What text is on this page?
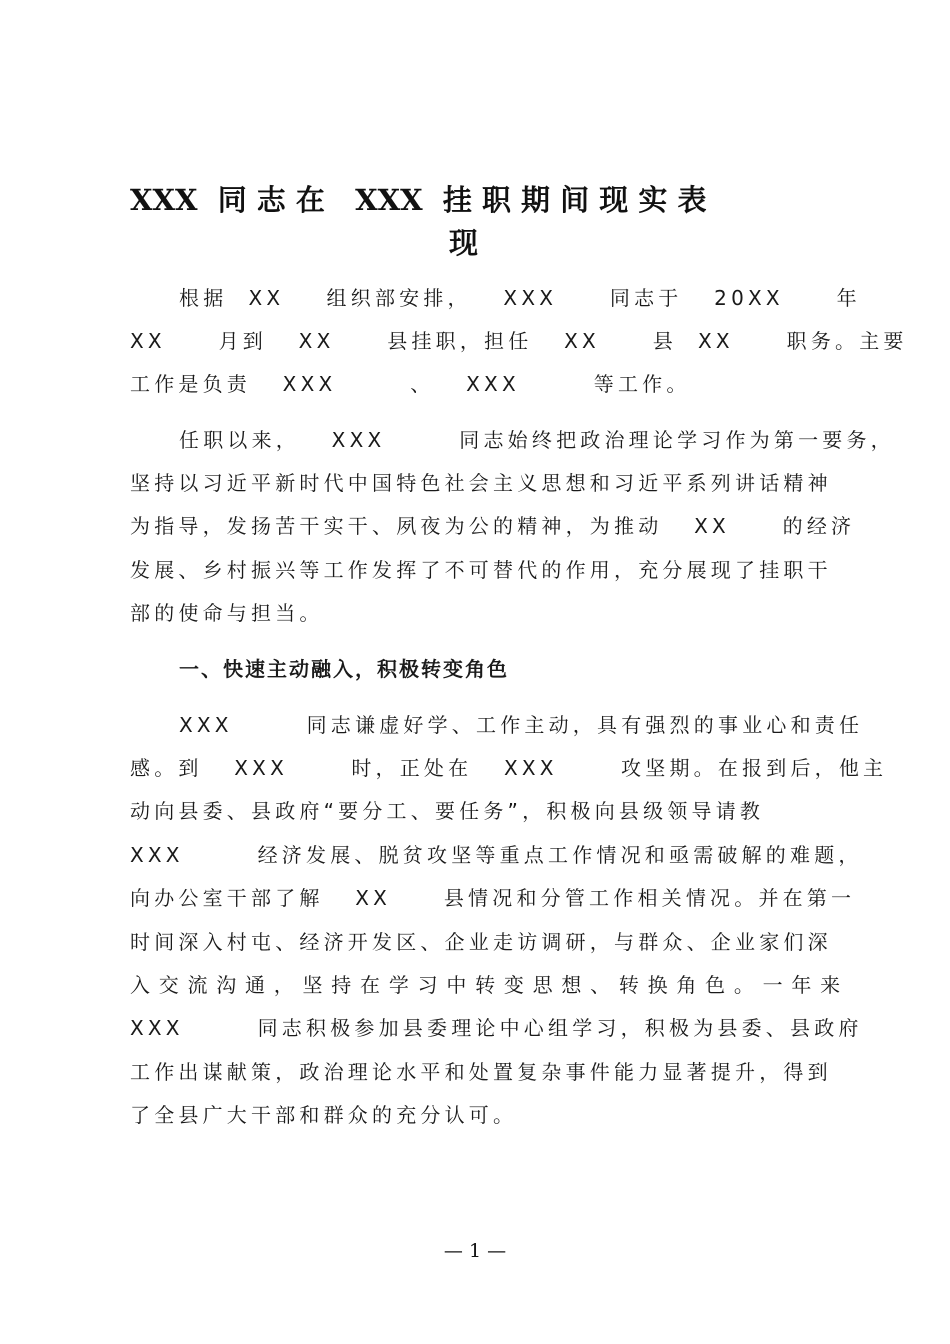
XXX  同 志 在   XXX  挂 职 期 间 现 实 表
现
根据  XX    组织部安排，   XXX     同志于   20XX     年
XX     月到   XX     县挂职，担任   XX     县  XX     职务。主要
工作是负责   XXX       、   XXX       等工作。
任职以来，   XXX       同志始终把政治理论学习作为第一要务，
坚持以习近平新时代中国特色社会主义思想和习近平系列讲话精神
为指导，发扬苦干实干、夙夜为公的精神，为推动   XX     的经济
发展、乡村振兴等工作发挥了不可替代的作用，充分展现了挂职干
部的使命与担当。
一、快速主动融入，积极转变角色
XXX       同志谦虚好学、工作主动，具有强烈的事业心和责任
感。到   XXX      时，正处在   XXX      攻坚期。在报到后，他主
动向县委、县政府“要分工、要任务”，积极向县级领导请教
XXX       经济发展、脱贫攻坚等重点工作情况和亟需破解的难题，
向办公室干部了解   XX     县情况和分管工作相关情况。并在第一
时间深入村屯、经济开发区、企业走访调研，与群众、企业家们深
入 交 流 沟 通 ， 坚 持 在 学 习 中 转 变 思 想 、 转 换 角 色 。 一 年 来
XXX       同志积极参加县委理论中心组学习，积极为县委、县政府
工作出谋献策，政治理论水平和处置复杂事件能力显著提升，得到
了全县广大干部和群众的充分认可。
— 1 —
